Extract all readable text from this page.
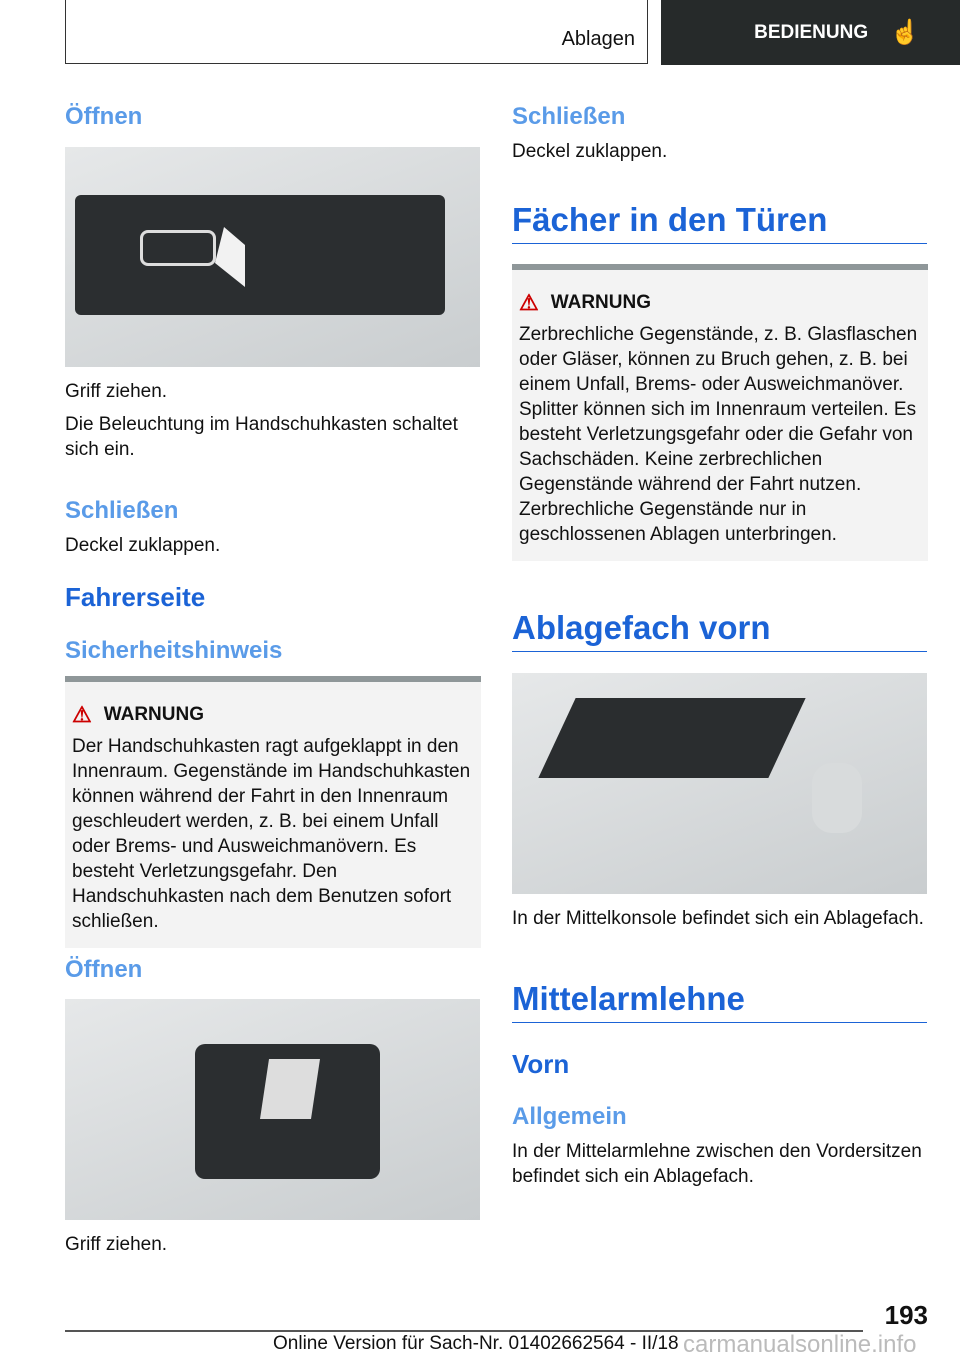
Ablagen	BEDIENUNG ☝
Öffnen

Griff ziehen.

Die Beleuchtung im Handschuhkasten schaltet sich ein.

Schließen

Deckel zuklappen.

Fahrerseite
Sicherheitshinweis
⚠ WARNUNG

Der Handschuhkasten ragt aufgeklappt in den Innenraum. Gegenstände im Handschuhkasten können während der Fahrt in den Innenraum geschleudert werden, z. B. bei einem Unfall oder Brems- und Ausweichmanövern. Es besteht Verletzungsgefahr. Den Handschuhkasten nach dem Benutzen sofort schließen.

Öffnen

Griff ziehen.

Schließen

Deckel zuklappen.

Fächer in den Türen
⚠ WARNUNG

Zerbrechliche Gegenstände, z. B. Glasflaschen oder Gläser, können zu Bruch gehen, z. B. bei einem Unfall, Brems- oder Ausweichmanöver. Splitter können sich im Innenraum verteilen. Es besteht Verletzungsgefahr oder die Gefahr von Sachschäden. Keine zerbrechlichen Gegenstände während der Fahrt nutzen. Zerbrechliche Gegenstände nur in geschlossenen Ablagen unterbringen.

Ablagefach vorn

In der Mittelkonsole befindet sich ein Ablagefach.

Mittelarmlehne
Vorn
Allgemein

In der Mittelarmlehne zwischen den Vordersitzen befindet sich ein Ablagefach.

193
Online Version für Sach-Nr. 01402662564 - II/18 carmanualsonline.info
